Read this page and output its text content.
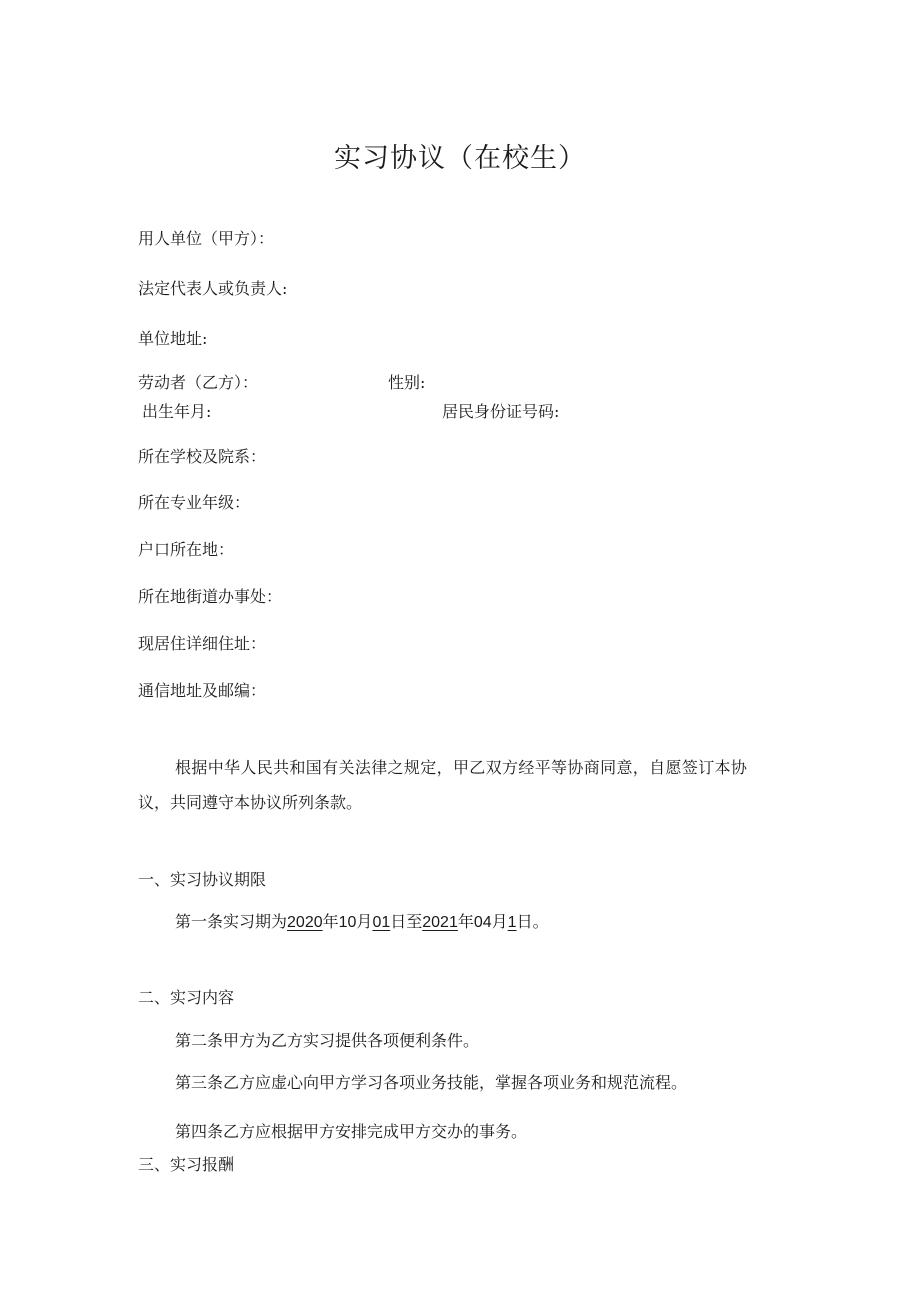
实习协议（在校生）
用人单位（甲方）：
法定代表人或负责人:
单位地址:
劳动者（乙方）：	性别:
出生年月:	居民身份证号码:
所在学校及院系：
所在专业年级：
户口所在地：
所在地街道办事处：
现居住详细住址：
通信地址及邮编：
根据中华人民共和国有关法律之规定，甲乙双方经平等协商同意，自愿签订本协
议，共同遵守本协议所列条款。
一、实习协议期限
第一条实习期为2020年10月01日至2021年04月1日。
二、实习内容
第二条甲方为乙方实习提供各项便利条件。
第三条乙方应虚心向甲方学习各项业务技能，掌握各项业务和规范流程。
第四条乙方应根据甲方安排完成甲方交办的事务。
三、实习报酬
